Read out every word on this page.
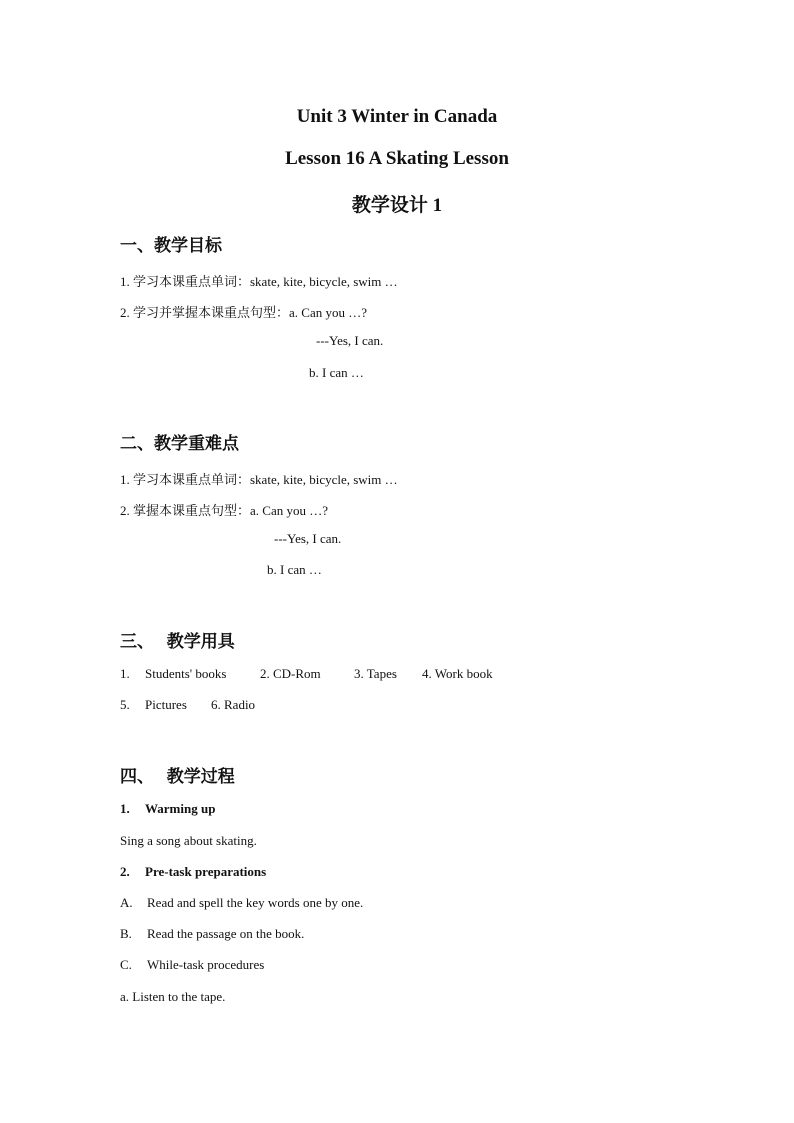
Unit 3 Winter in Canada
Lesson 16 A Skating Lesson
教学设计 1
一、教学目标
1. 学习本课重点单词：skate, kite, bicycle, swim …
2. 学习并掌握本课重点句型：a. Can you …?
---Yes, I can.
b. I can …
二、教学重难点
1. 学习本课重点单词：skate, kite, bicycle, swim …
2. 掌握本课重点句型：a. Can you …?
---Yes, I can.
b. I can …
三、   教学用具
1. Students' books	2. CD-Rom	3. Tapes 4. Work book
5. Pictures 6. Radio
四、   教学过程
1. Warming up
Sing a song about skating.
2. Pre-task preparations
A. Read and spell the key words one by one.
B. Read the passage on the book.
C. While-task procedures
a. Listen to the tape.
